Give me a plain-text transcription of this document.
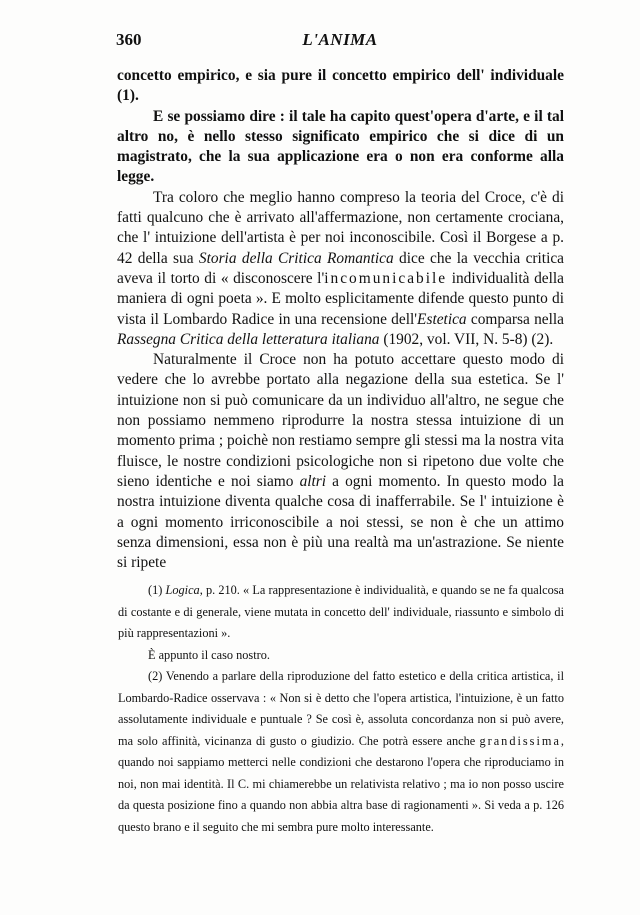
360	L'ANIMA

concetto empirico, e sia pure il concetto empirico dell' individuale (1).

E se possiamo dire : il tale ha capito quest'opera d'arte, e il tal altro no, è nello stesso significato empirico che si dice di un magistrato, che la sua applicazione era o non era conforme alla legge.

Tra coloro che meglio hanno compreso la teoria del Croce, c'è di fatti qualcuno che è arrivato all'affermazione, non certamente crociana, che l' intuizione dell'artista è per noi inconoscibile. Così il Borgese a p. 42 della sua Storia della Critica Romantica dice che la vecchia critica aveva il torto di « disconoscere l'incomunicabile individualità della maniera di ogni poeta ». E molto esplicitamente difende questo punto di vista il Lombardo Radice in una recensione dell'Estetica comparsa nella Rassegna Critica della letteratura italiana (1902, vol. VII, N. 5-8) (2).

Naturalmente il Croce non ha potuto accettare questo modo di vedere che lo avrebbe portato alla negazione della sua estetica. Se l' intuizione non si può comunicare da un individuo all'altro, ne segue che non possiamo nemmeno riprodurre la nostra stessa intuizione di un momento prima ; poichè non restiamo sempre gli stessi ma la nostra vita fluisce, le nostre condizioni psicologiche non si ripetono due volte che sieno identiche e noi siamo altri a ogni momento. In questo modo la nostra intuizione diventa qualche cosa di inafferrabile. Se l' intuizione è a ogni momento irriconoscibile a noi stessi, se non è che un attimo senza dimensioni, essa non è più una realtà ma un'astrazione. Se niente si ripete

(1) Logica, p. 210. « La rappresentazione è individualità, e quando se ne fa qualcosa di costante e di generale, viene mutata in concetto dell' individuale, riassunto e simbolo di più rappresentazioni ».

È appunto il caso nostro.

(2) Venendo a parlare della riproduzione del fatto estetico e della critica artistica, il Lombardo-Radice osservava : « Non si è detto che l'opera artistica, l'intuizione, è un fatto assolutamente individuale e puntuale ? Se così è, assoluta concordanza non si può avere, ma solo affinità, vicinanza di gusto o giudizio. Che potrà essere anche grandissima, quando noi sappiamo metterci nelle condizioni che destarono l'opera che riproduciamo in noi, non mai identità. Il C. mi chiamerebbe un relativista relativo ; ma io non posso uscire da questa posizione fino a quando non abbia altra base di ragionamenti ». Si veda a p. 126 questo brano e il seguito che mi sembra pure molto interessante.
